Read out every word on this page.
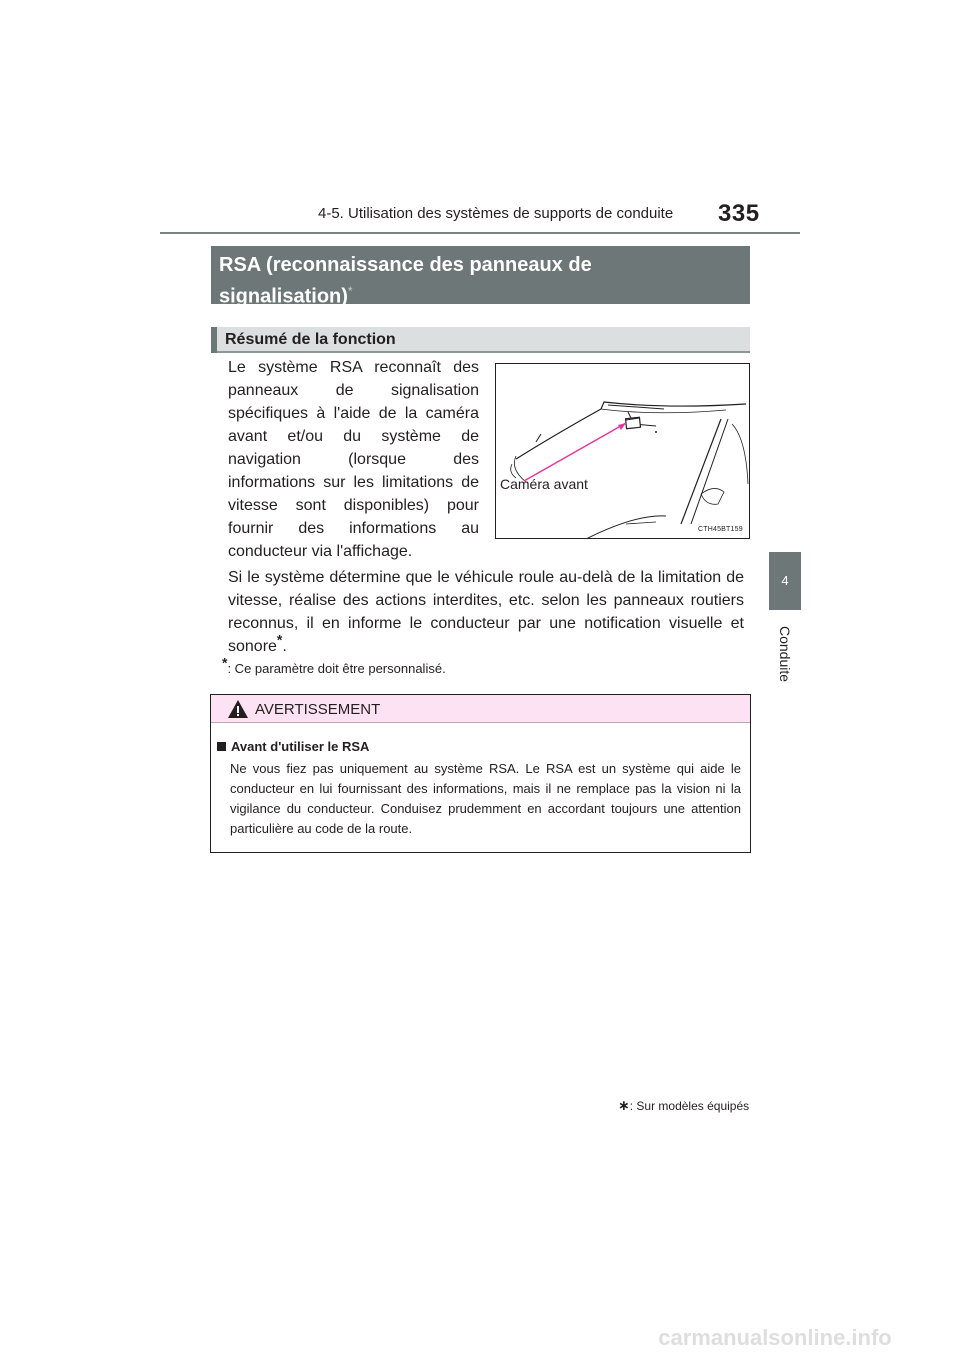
4-5. Utilisation des systèmes de supports de conduite 335
4
Conduite
RSA (reconnaissance des panneaux de
signalisation)*
Résumé de la fonction

Le système RSA reconnaît des panneaux de signalisation spécifiques à l'aide de la caméra avant et/ou du système de navigation (lorsque des informations sur les limitations de vitesse sont disponibles) pour fournir des informations au conducteur via l'affichage.

Caméra avant
CTH45BT159

Si le système détermine que le véhicule roule au-delà de la limitation de vitesse, réalise des actions interdites, etc. selon les panneaux routiers reconnus, il en informe le conducteur par une notification visuelle et sonore*.

*: Ce paramètre doit être personnalisé.
AVERTISSEMENT
Avant d'utiliser le RSA

Ne vous fiez pas uniquement au système RSA. Le RSA est un système qui aide le conducteur en lui fournissant des informations, mais il ne remplace pas la vision ni la vigilance du conducteur. Conduisez prudemment en accordant toujours une attention particulière au code de la route.

∗: Sur modèles équipés
carmanualsonline.info
